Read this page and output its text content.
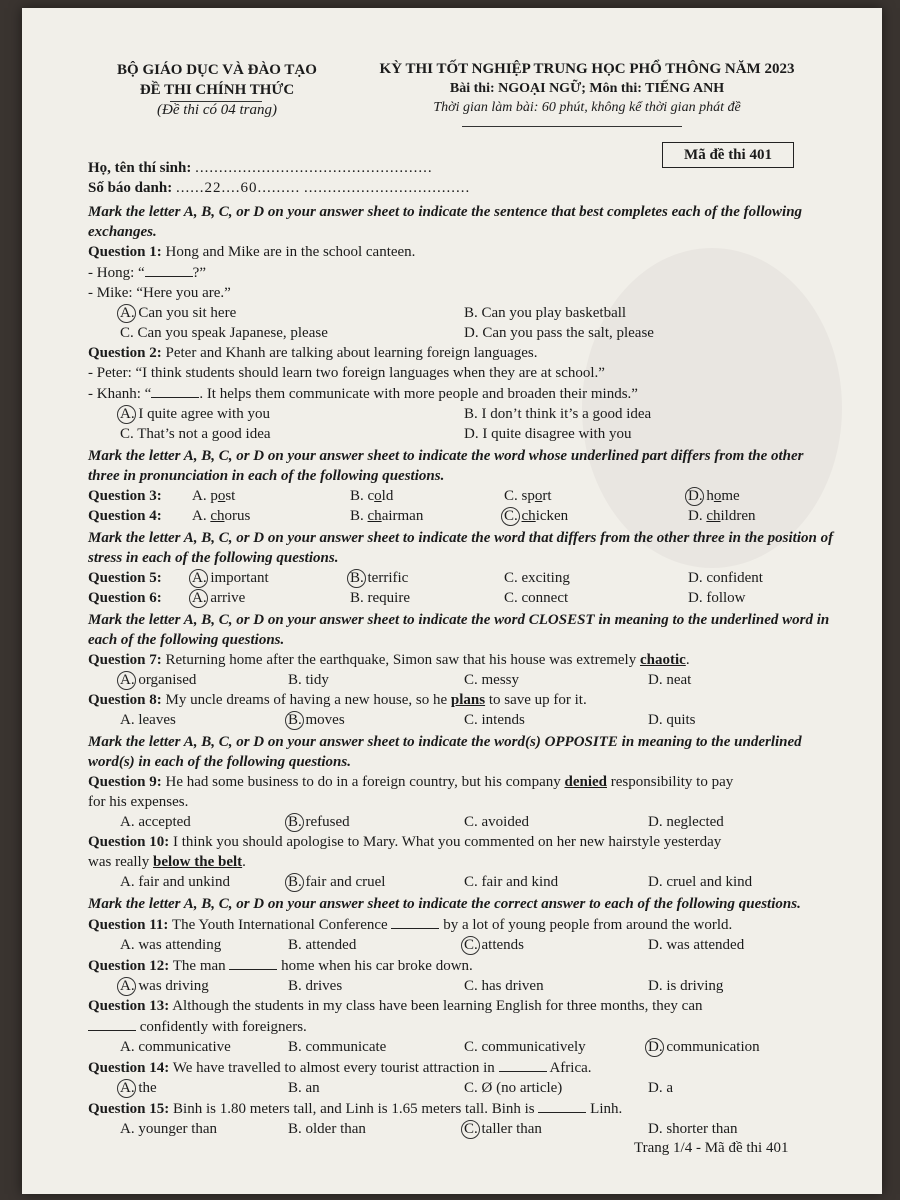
BỘ GIÁO DỤC VÀ ĐÀO TẠO
ĐỀ THI CHÍNH THỨC
(Đề thi có 04 trang)
KỲ THI TỐT NGHIỆP TRUNG HỌC PHỔ THÔNG NĂM 2023
Bài thi: NGOẠI NGỮ; Môn thi: TIẾNG ANH
Thời gian làm bài: 60 phút, không kể thời gian phát đề
Mã đề thi 401
Họ, tên thí sinh: ..................................................
Số báo danh: ......22....60......... ...................................
Mark the letter A, B, C, or D on your answer sheet to indicate the sentence that best completes each of the following exchanges.
Question 1: Hong and Mike are in the school canteen.
- Hong: “	?”
- Mike: “Here you are.”
A. Can you sit here	B. Can you play basketball
C. Can you speak Japanese, please	D. Can you pass the salt, please
Question 2: Peter and Khanh are talking about learning foreign languages.
- Peter: “I think students should learn two foreign languages when they are at school.”
- Khanh: “	. It helps them communicate with more people and broaden their minds.”
A. I quite agree with you	B. I don’t think it’s a good idea
C. That’s not a good idea	D. I quite disagree with you
Mark the letter A, B, C, or D on your answer sheet to indicate the word whose underlined part differs from the other three in pronunciation in each of the following questions.
Question 3: A. post	B. cold	C. sport	D. home
Question 4: A. chorus	B. chairman	C. chicken	D. children
Mark the letter A, B, C, or D on your answer sheet to indicate the word that differs from the other three in the position of stress in each of the following questions.
Question 5: A. important	B. terrific	C. exciting	D. confident
Question 6: A. arrive	B. require	C. connect	D. follow
Mark the letter A, B, C, or D on your answer sheet to indicate the word CLOSEST in meaning to the underlined word in each of the following questions.
Question 7: Returning home after the earthquake, Simon saw that his house was extremely chaotic.
A. organised	B. tidy	C. messy	D. neat
Question 8: My uncle dreams of having a new house, so he plans to save up for it.
A. leaves	B. moves	C. intends	D. quits
Mark the letter A, B, C, or D on your answer sheet to indicate the word(s) OPPOSITE in meaning to the underlined word(s) in each of the following questions.
Question 9: He had some business to do in a foreign country, but his company denied responsibility to pay
for his expenses.
A. accepted	B. refused	C. avoided	D. neglected
Question 10: I think you should apologise to Mary. What you commented on her new hairstyle yesterday
was really below the belt.
A. fair and unkind	B. fair and cruel	C. fair and kind	D. cruel and kind
Mark the letter A, B, C, or D on your answer sheet to indicate the correct answer to each of the following questions.
Question 11: The Youth International Conference	by a lot of young people from around the world.
A. was attending	B. attended	C. attends	D. was attended
Question 12: The man	home when his car broke down.
A. was driving	B. drives	C. has driven	D. is driving
Question 13: Although the students in my class have been learning English for three months, they can
confidently with foreigners.
A. communicative	B. communicate	C. communicatively	D. communication
Question 14: We have travelled to almost every tourist attraction in	Africa.
A. the	B. an	C. Ø (no article)	D. a
Question 15: Binh is 1.80 meters tall, and Linh is 1.65 meters tall. Binh is	Linh.
A. younger than	B. older than	C. taller than	D. shorter than
Trang 1/4 - Mã đề thi 401
